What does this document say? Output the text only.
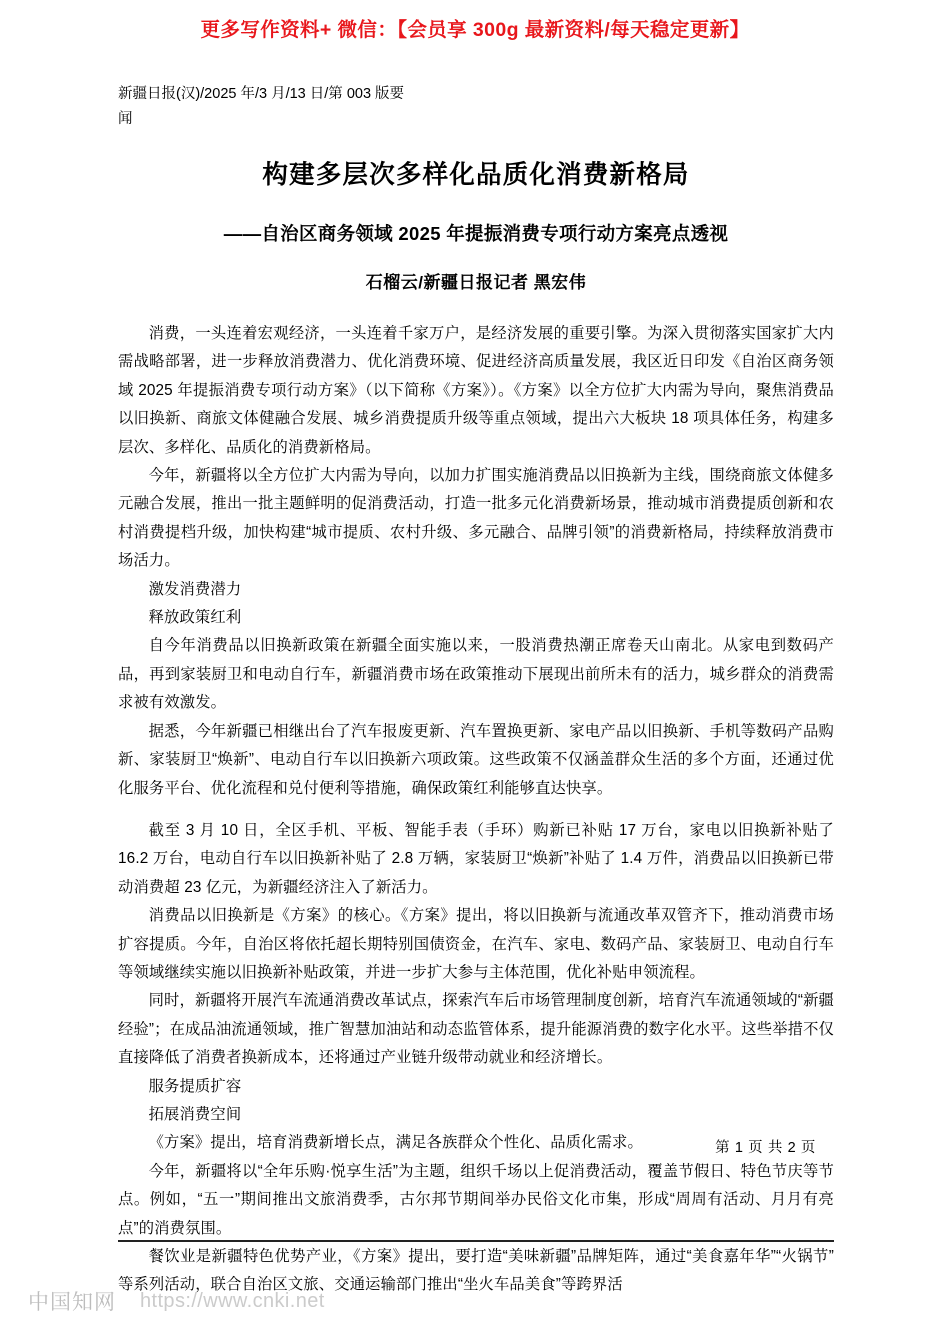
更多写作资料+ 微信：【会员享 300g 最新资料/每天稳定更新】
新疆日报(汉)/2025 年/3 月/13 日/第 003 版要闻
构建多层次多样化品质化消费新格局
——自治区商务领域 2025 年提振消费专项行动方案亮点透视
石榴云/新疆日报记者 黑宏伟

消费，一头连着宏观经济，一头连着千家万户，是经济发展的重要引擎。为深入贯彻落实国家扩大内需战略部署，进一步释放消费潜力、优化消费环境、促进经济高质量发展，我区近日印发《自治区商务领域 2025 年提振消费专项行动方案》（以下简称《方案》）。《方案》以全方位扩大内需为导向，聚焦消费品以旧换新、商旅文体健融合发展、城乡消费提质升级等重点领域，提出六大板块 18 项具体任务，构建多层次、多样化、品质化的消费新格局。

今年，新疆将以全方位扩大内需为导向，以加力扩围实施消费品以旧换新为主线，围绕商旅文体健多元融合发展，推出一批主题鲜明的促消费活动，打造一批多元化消费新场景，推动城市消费提质创新和农村消费提档升级，加快构建“城市提质、农村升级、多元融合、品牌引领”的消费新格局，持续释放消费市场活力。

激发消费潜力

释放政策红利

自今年消费品以旧换新政策在新疆全面实施以来，一股消费热潮正席卷天山南北。从家电到数码产品，再到家装厨卫和电动自行车，新疆消费市场在政策推动下展现出前所未有的活力，城乡群众的消费需求被有效激发。

据悉，今年新疆已相继出台了汽车报废更新、汽车置换更新、家电产品以旧换新、手机等数码产品购新、家装厨卫“焕新”、电动自行车以旧换新六项政策。这些政策不仅涵盖群众生活的多个方面，还通过优化服务平台、优化流程和兑付便利等措施，确保政策红利能够直达快享。

截至 3 月 10 日，全区手机、平板、智能手表（手环）购新已补贴 17 万台，家电以旧换新补贴了 16.2 万台，电动自行车以旧换新补贴了 2.8 万辆，家装厨卫“焕新”补贴了 1.4 万件，消费品以旧换新已带动消费超 23 亿元，为新疆经济注入了新活力。

消费品以旧换新是《方案》的核心。《方案》提出，将以旧换新与流通改革双管齐下，推动消费市场扩容提质。今年，自治区将依托超长期特别国债资金，在汽车、家电、数码产品、家装厨卫、电动自行车等领域继续实施以旧换新补贴政策，并进一步扩大参与主体范围，优化补贴申领流程。

同时，新疆将开展汽车流通消费改革试点，探索汽车后市场管理制度创新，培育汽车流通领域的“新疆经验”；在成品油流通领域，推广智慧加油站和动态监管体系，提升能源消费的数字化水平。这些举措不仅直接降低了消费者换新成本，还将通过产业链升级带动就业和经济增长。

服务提质扩容

拓展消费空间

《方案》提出，培育消费新增长点，满足各族群众个性化、品质化需求。

今年，新疆将以“全年乐购·悦享生活”为主题，组织千场以上促消费活动，覆盖节假日、特色节庆等节点。例如，“五一”期间推出文旅消费季，古尔邦节期间举办民俗文化市集，形成“周周有活动、月月有亮点”的消费氛围。

餐饮业是新疆特色优势产业，《方案》提出，要打造“美味新疆”品牌矩阵，通过“美食嘉年华”“火锅节”等系列活动，联合自治区文旅、交通运输部门推出“坐火车品美食”等跨界活

第 1 页 共 2 页
中国知网 https://www.cnki.net
